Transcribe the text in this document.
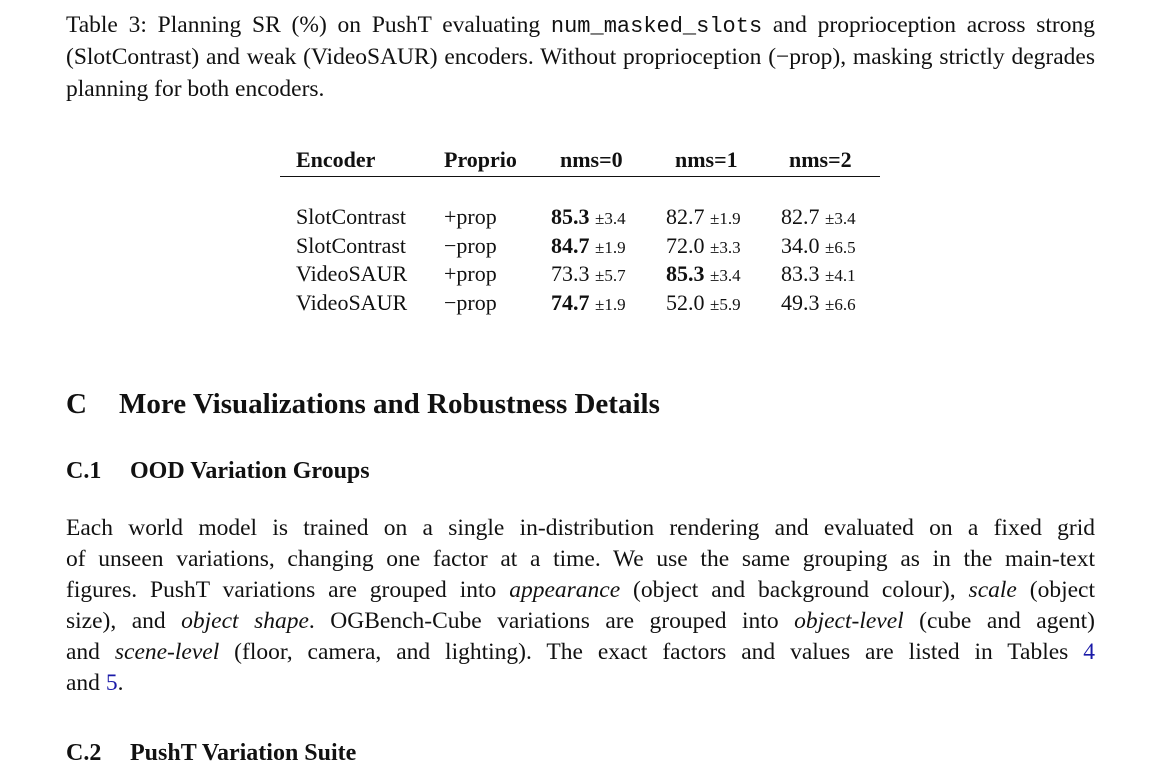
Table 3: Planning SR (%) on PushT evaluating num_masked_slots and proprioception across strong (SlotContrast) and weak (VideoSAUR) encoders. Without proprioception (−prop), masking strictly degrades planning for both encoders.
Encoder	Proprio nms=0 nms=1 nms=2
SlotContrast +prop 85.3 ±3.4 82.7 ±1.9 82.7 ±3.4
SlotContrast −prop 84.7 ±1.9 72.0 ±3.3 34.0 ±6.5
VideoSAUR +prop 73.3 ±5.7 85.3 ±3.4 83.3 ±4.1
VideoSAUR −prop 74.7 ±1.9 52.0 ±5.9 49.3 ±6.6
C More Visualizations and Robustness Details
C.1 OOD Variation Groups
Each world model is trained on a single in-distribution rendering and evaluated on a fixed grid
of unseen variations, changing one factor at a time. We use the same grouping as in the main-text
figures. PushT variations are grouped into appearance (object and background colour), scale (object
size), and object shape. OGBench-Cube variations are grouped into object-level (cube and agent)
and scene-level (floor, camera, and lighting). The exact factors and values are listed in Tables 4
and 5.
C.2 PushT Variation Suite
